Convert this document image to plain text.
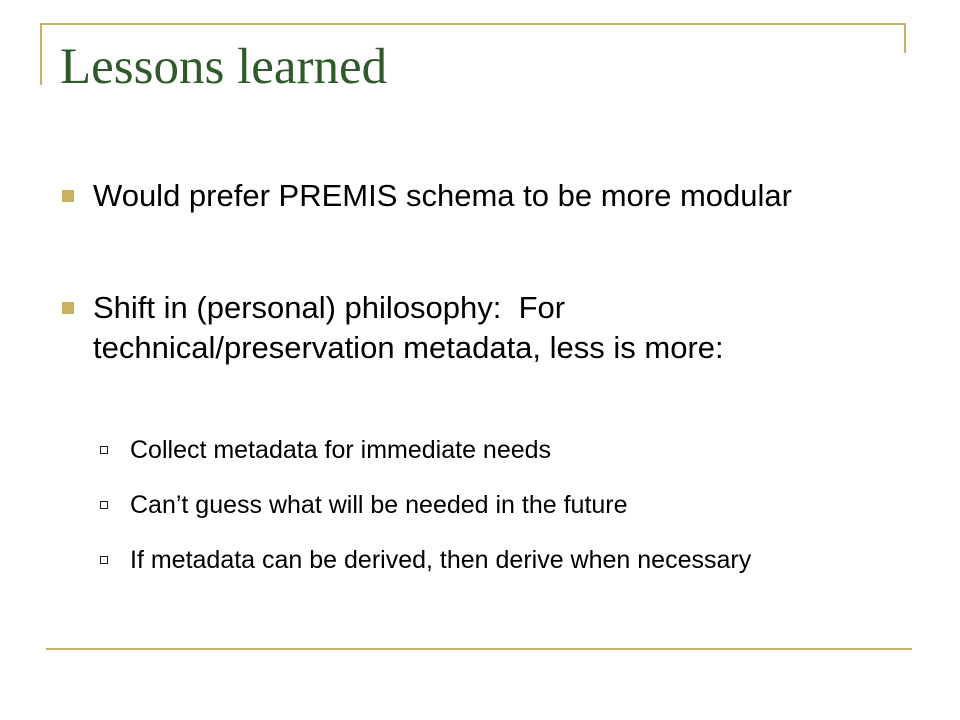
Lessons learned
Would prefer PREMIS schema to be more modular
Shift in (personal) philosophy:  For technical/preservation metadata, less is more:
Collect metadata for immediate needs
Can’t guess what will be needed in the future
If metadata can be derived, then derive when necessary
